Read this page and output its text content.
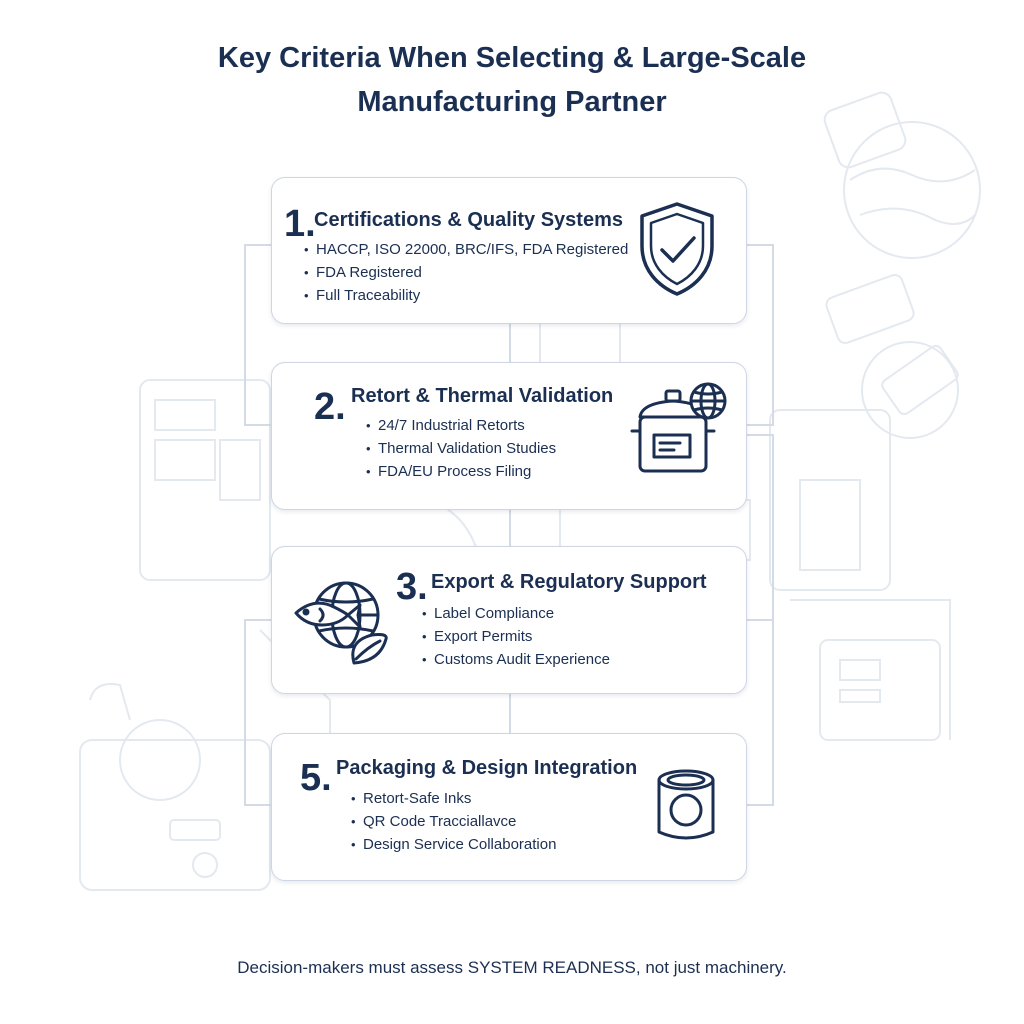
Key Criteria When Selecting & Large-Scale
Manufacturing Partner
1.
Certifications & Quality Systems
• HACCP, ISO 22000, BRC/IFS, FDA Registered
• FDA Registered
• Full Traceability
2. Retort & Thermal Validation
• 24/7 Industrial Retorts
• Thermal Validation Studies
• FDA/EU Process Filing
3. Export & Regulatory Support
• Label Compliance
• Export Permits
• Customs Audit Experience
5. Packaging & Design Integration
• Retort-Safe Inks
• QR Code Tracciallavce
• Design Service Collaboration
Decision-makers must assess SYSTEM READNESS, not just machinery.
